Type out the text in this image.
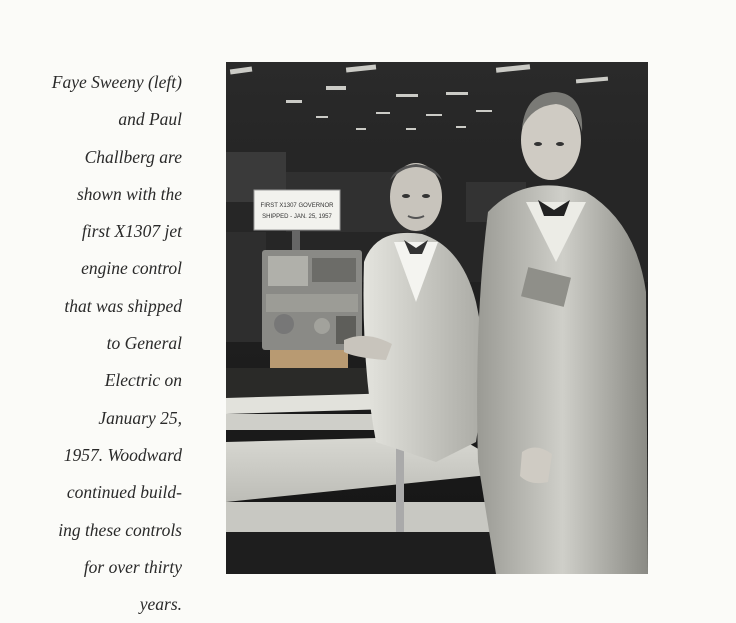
Faye Sweeny (left)
and Paul
Challberg are
shown with the
first X1307 jet
engine control
that was shipped
to General
Electric on
January 25,
1957. Woodward
continued build-
ing these controls
for over thirty
years.
FIRST X1307 GOVERNOR
SHIPPED - JAN. 25, 1957
